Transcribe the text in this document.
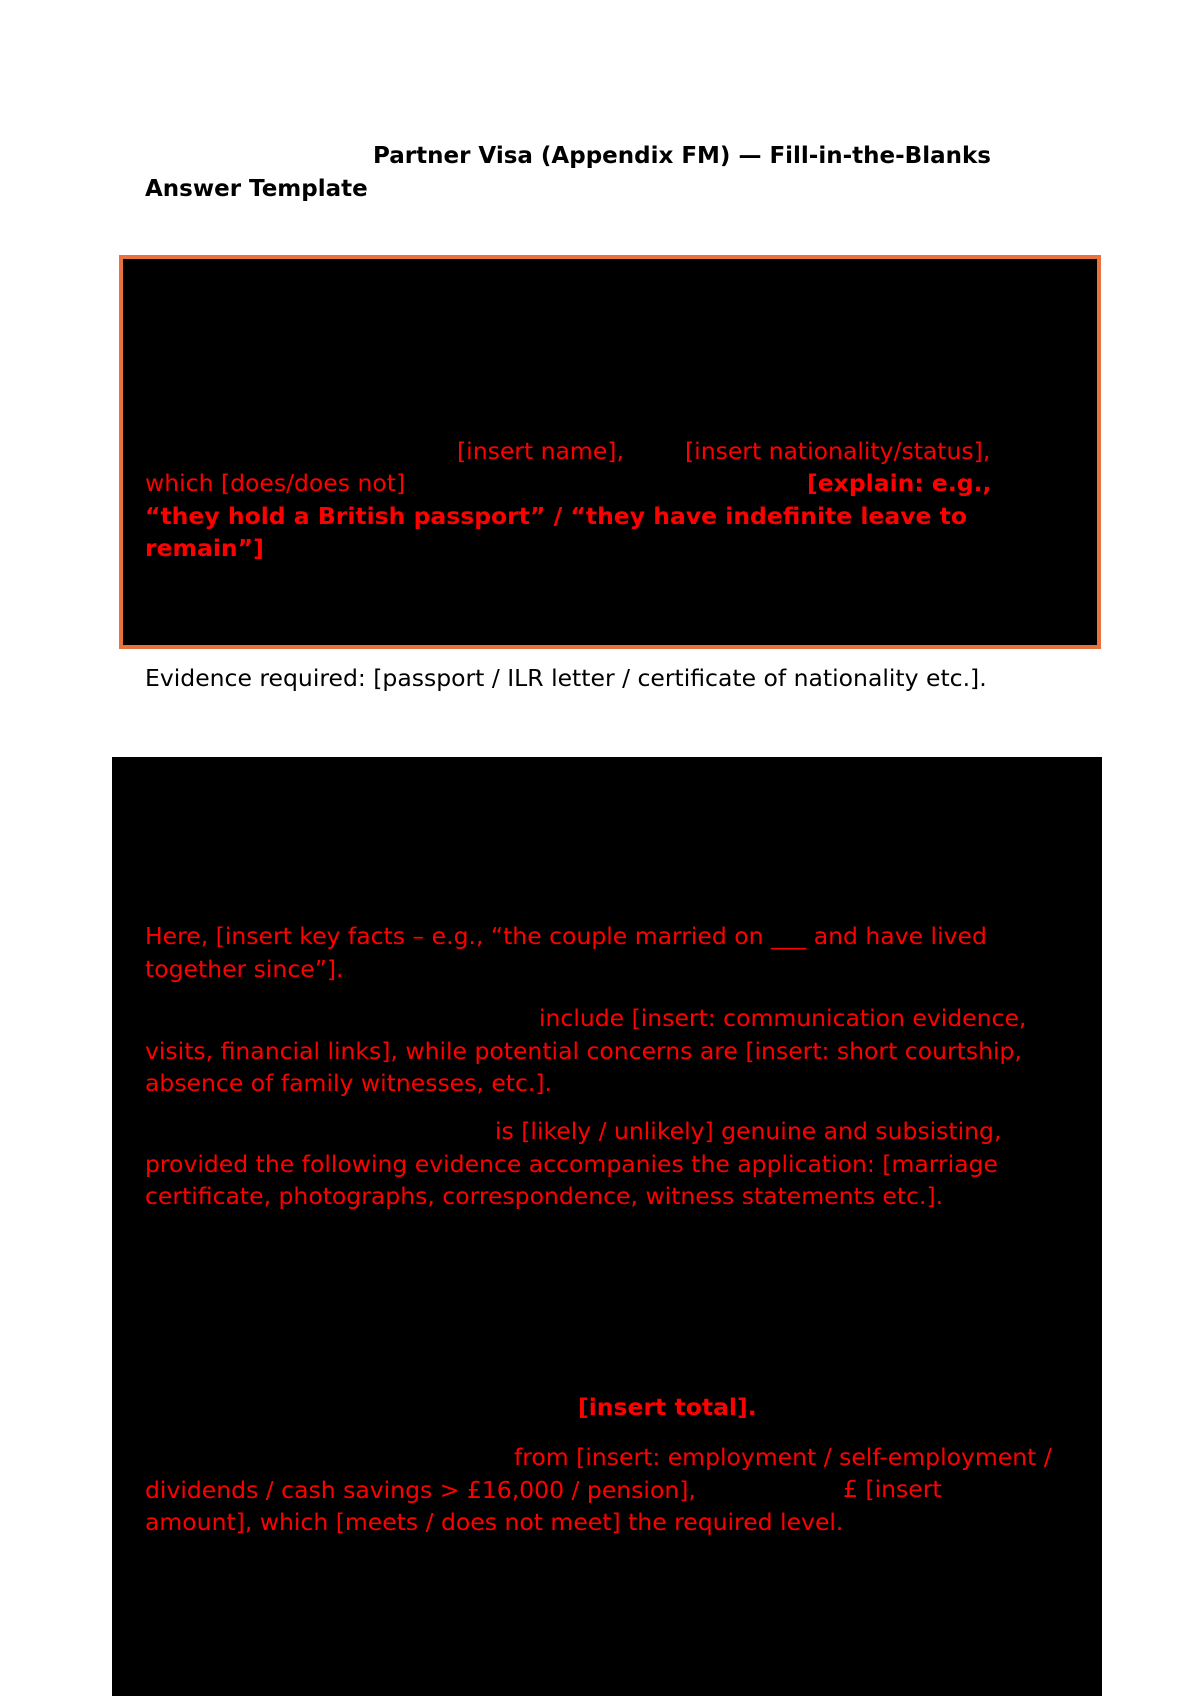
Partner Visa (Appendix FM) — Fill-in-the-Blanks Answer Template

[insert name],	[insert nationality/status],

which [does/does not]	[explain: e.g., “they hold a British passport” / “they have indefinite leave to remain”]

Evidence required: [passport / ILR letter / certificate of nationality etc.].

Here, [insert key facts – e.g., “the couple married on ___ and have lived together since”].

include [insert: communication evidence, visits, financial links], while potential concerns are [insert: short courtship, absence of family witnesses, etc.].

is [likely / unlikely] genuine and subsisting, provided the following evidence accompanies the application: [marriage certificate, photographs, correspondence, witness statements etc.].

[insert total].

from [insert: employment / self-employment / dividends / cash savings > £16,000 / pension],	£ [insert amount], which [meets / does not meet] the required level.
